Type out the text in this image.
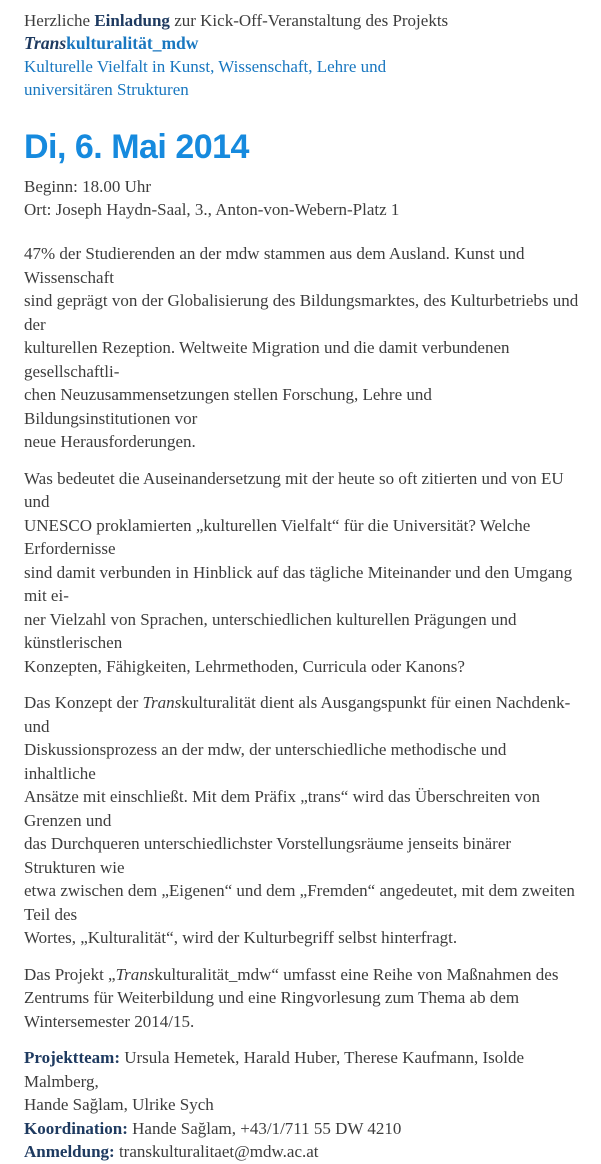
Herzliche Einladung zur Kick-Off-Veranstaltung des Projekts

Transkulturalität_mdw

Kulturelle Vielfalt in Kunst, Wissenschaft, Lehre und
universitären Strukturen

Di, 6. Mai 2014

Beginn: 18.00 Uhr

Ort: Joseph Haydn-Saal, 3., Anton-von-Webern-Platz 1

47% der Studierenden an der mdw stammen aus dem Ausland. Kunst und Wissenschaft
sind geprägt von der Globalisierung des Bildungsmarktes, des Kulturbetriebs und der
kulturellen Rezeption. Weltweite Migration und die damit verbundenen gesellschaftli-
chen Neuzusammensetzungen stellen Forschung, Lehre und Bildungsinstitutionen vor
neue Herausforderungen.

Was bedeutet die Auseinandersetzung mit der heute so oft zitierten und von EU und
UNESCO proklamierten „kulturellen Vielfalt“ für die Universität? Welche Erfordernisse
sind damit verbunden in Hinblick auf das tägliche Miteinander und den Umgang mit ei-
ner Vielzahl von Sprachen, unterschiedlichen kulturellen Prägungen und künstlerischen
Konzepten, Fähigkeiten, Lehrmethoden, Curricula oder Kanons?

Das Konzept der Transkulturalität dient als Ausgangspunkt für einen Nachdenk- und
Diskussionsprozess an der mdw, der unterschiedliche methodische und inhaltliche
Ansätze mit einschließt. Mit dem Präfix „trans“ wird das Überschreiten von Grenzen und
das Durchqueren unterschiedlichster Vorstellungsräume jenseits binärer Strukturen wie
etwa zwischen dem „Eigenen“ und dem „Fremden“ angedeutet, mit dem zweiten Teil des
Wortes, „Kulturalität“, wird der Kulturbegriff selbst hinterfragt.

Das Projekt „Transkulturalität_mdw“ umfasst eine Reihe von Maßnahmen des
Zentrums für Weiterbildung und eine Ringvorlesung zum Thema ab dem
Wintersemester 2014/15.

Projektteam: Ursula Hemetek, Harald Huber, Therese Kaufmann, Isolde Malmberg,
Hande Sağlam, Ulrike Sych

Koordination: Hande Sağlam, +43/1/711 55 DW 4210

Anmeldung: transkulturalitaet@mdw.ac.at
